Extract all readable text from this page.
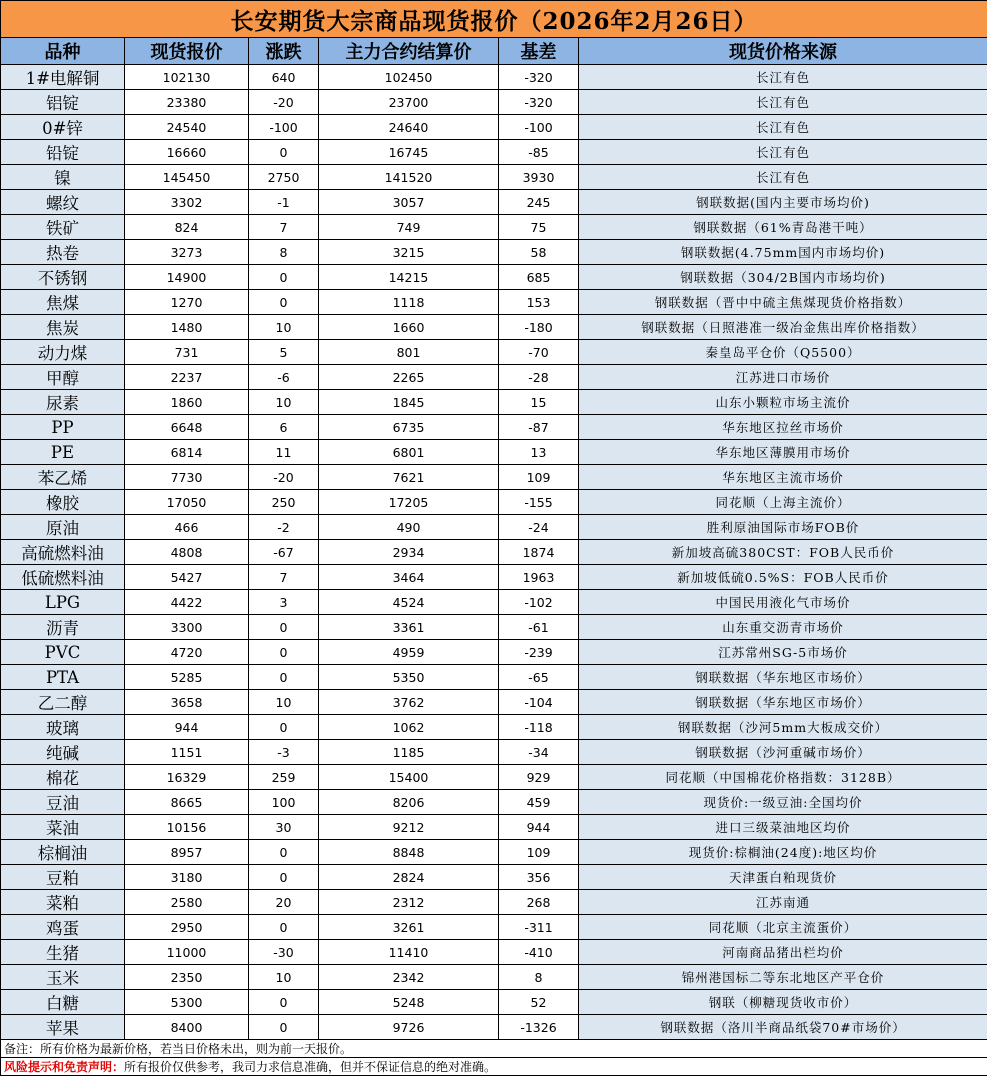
长安期货大宗商品现货报价（2026年2月26日）					
品种	现货报价	涨跌	主力合约结算价	基差	现货价格来源
1#电解铜	102130	640	102450	-320	长江有色
铝锭	23380	-20	23700	-320	长江有色
0#锌	24540	-100	24640	-100	长江有色
铅锭	16660	0	16745	-85	长江有色
镍	145450	2750	141520	3930	长江有色
螺纹	3302	-1	3057	245	钢联数据(国内主要市场均价)
铁矿	824	7	749	75	钢联数据（61%青岛港干吨）
热卷	3273	8	3215	58	钢联数据(4.75mm国内市场均价)
不锈钢	14900	0	14215	685	钢联数据（304/2B国内市场均价)
焦煤	1270	0	1118	153	钢联数据（晋中中硫主焦煤现货价格指数）
焦炭	1480	10	1660	-180	钢联数据（日照港准一级冶金焦出库价格指数）
动力煤	731	5	801	-70	秦皇岛平仓价（Q5500）
甲醇	2237	-6	2265	-28	江苏进口市场价
尿素	1860	10	1845	15	山东小颗粒市场主流价
PP	6648	6	6735	-87	华东地区拉丝市场价
PE	6814	11	6801	13	华东地区薄膜用市场价
苯乙烯	7730	-20	7621	109	华东地区主流市场价
橡胶	17050	250	17205	-155	同花顺（上海主流价）
原油	466	-2	490	-24	胜利原油国际市场FOB价
高硫燃料油	4808	-67	2934	1874	新加坡高硫380CST：FOB人民币价
低硫燃料油	5427	7	3464	1963	新加坡低硫0.5%S：FOB人民币价
LPG	4422	3	4524	-102	中国民用液化气市场价
沥青	3300	0	3361	-61	山东重交沥青市场价
PVC	4720	0	4959	-239	江苏常州SG-5市场价
PTA	5285	0	5350	-65	钢联数据（华东地区市场价）
乙二醇	3658	10	3762	-104	钢联数据（华东地区市场价）
玻璃	944	0	1062	-118	钢联数据（沙河5mm大板成交价）
纯碱	1151	-3	1185	-34	钢联数据（沙河重碱市场价）
棉花	16329	259	15400	929	同花顺（中国棉花价格指数：3128B）
豆油	8665	100	8206	459	现货价:一级豆油:全国均价
菜油	10156	30	9212	944	进口三级菜油地区均价
棕榈油	8957	0	8848	109	现货价:棕榈油(24度):地区均价
豆粕	3180	0	2824	356	天津蛋白粕现货价
菜粕	2580	20	2312	268	江苏南通
鸡蛋	2950	0	3261	-311	同花顺（北京主流蛋价）
生猪	11000	-30	11410	-410	河南商品猪出栏均价
玉米	2350	10	2342	8	锦州港国标二等东北地区产平仓价
白糖	5300	0	5248	52	钢联（柳糖现货收市价）
苹果	8400	0	9726	-1326	钢联数据（洛川半商品纸袋70#市场价）
备注：所有价格为最新价格，若当日价格未出，则为前一天报价。					
风险提示和免责声明：所有报价仅供参考，我司力求信息准确，但并不保证信息的绝对准确。					
